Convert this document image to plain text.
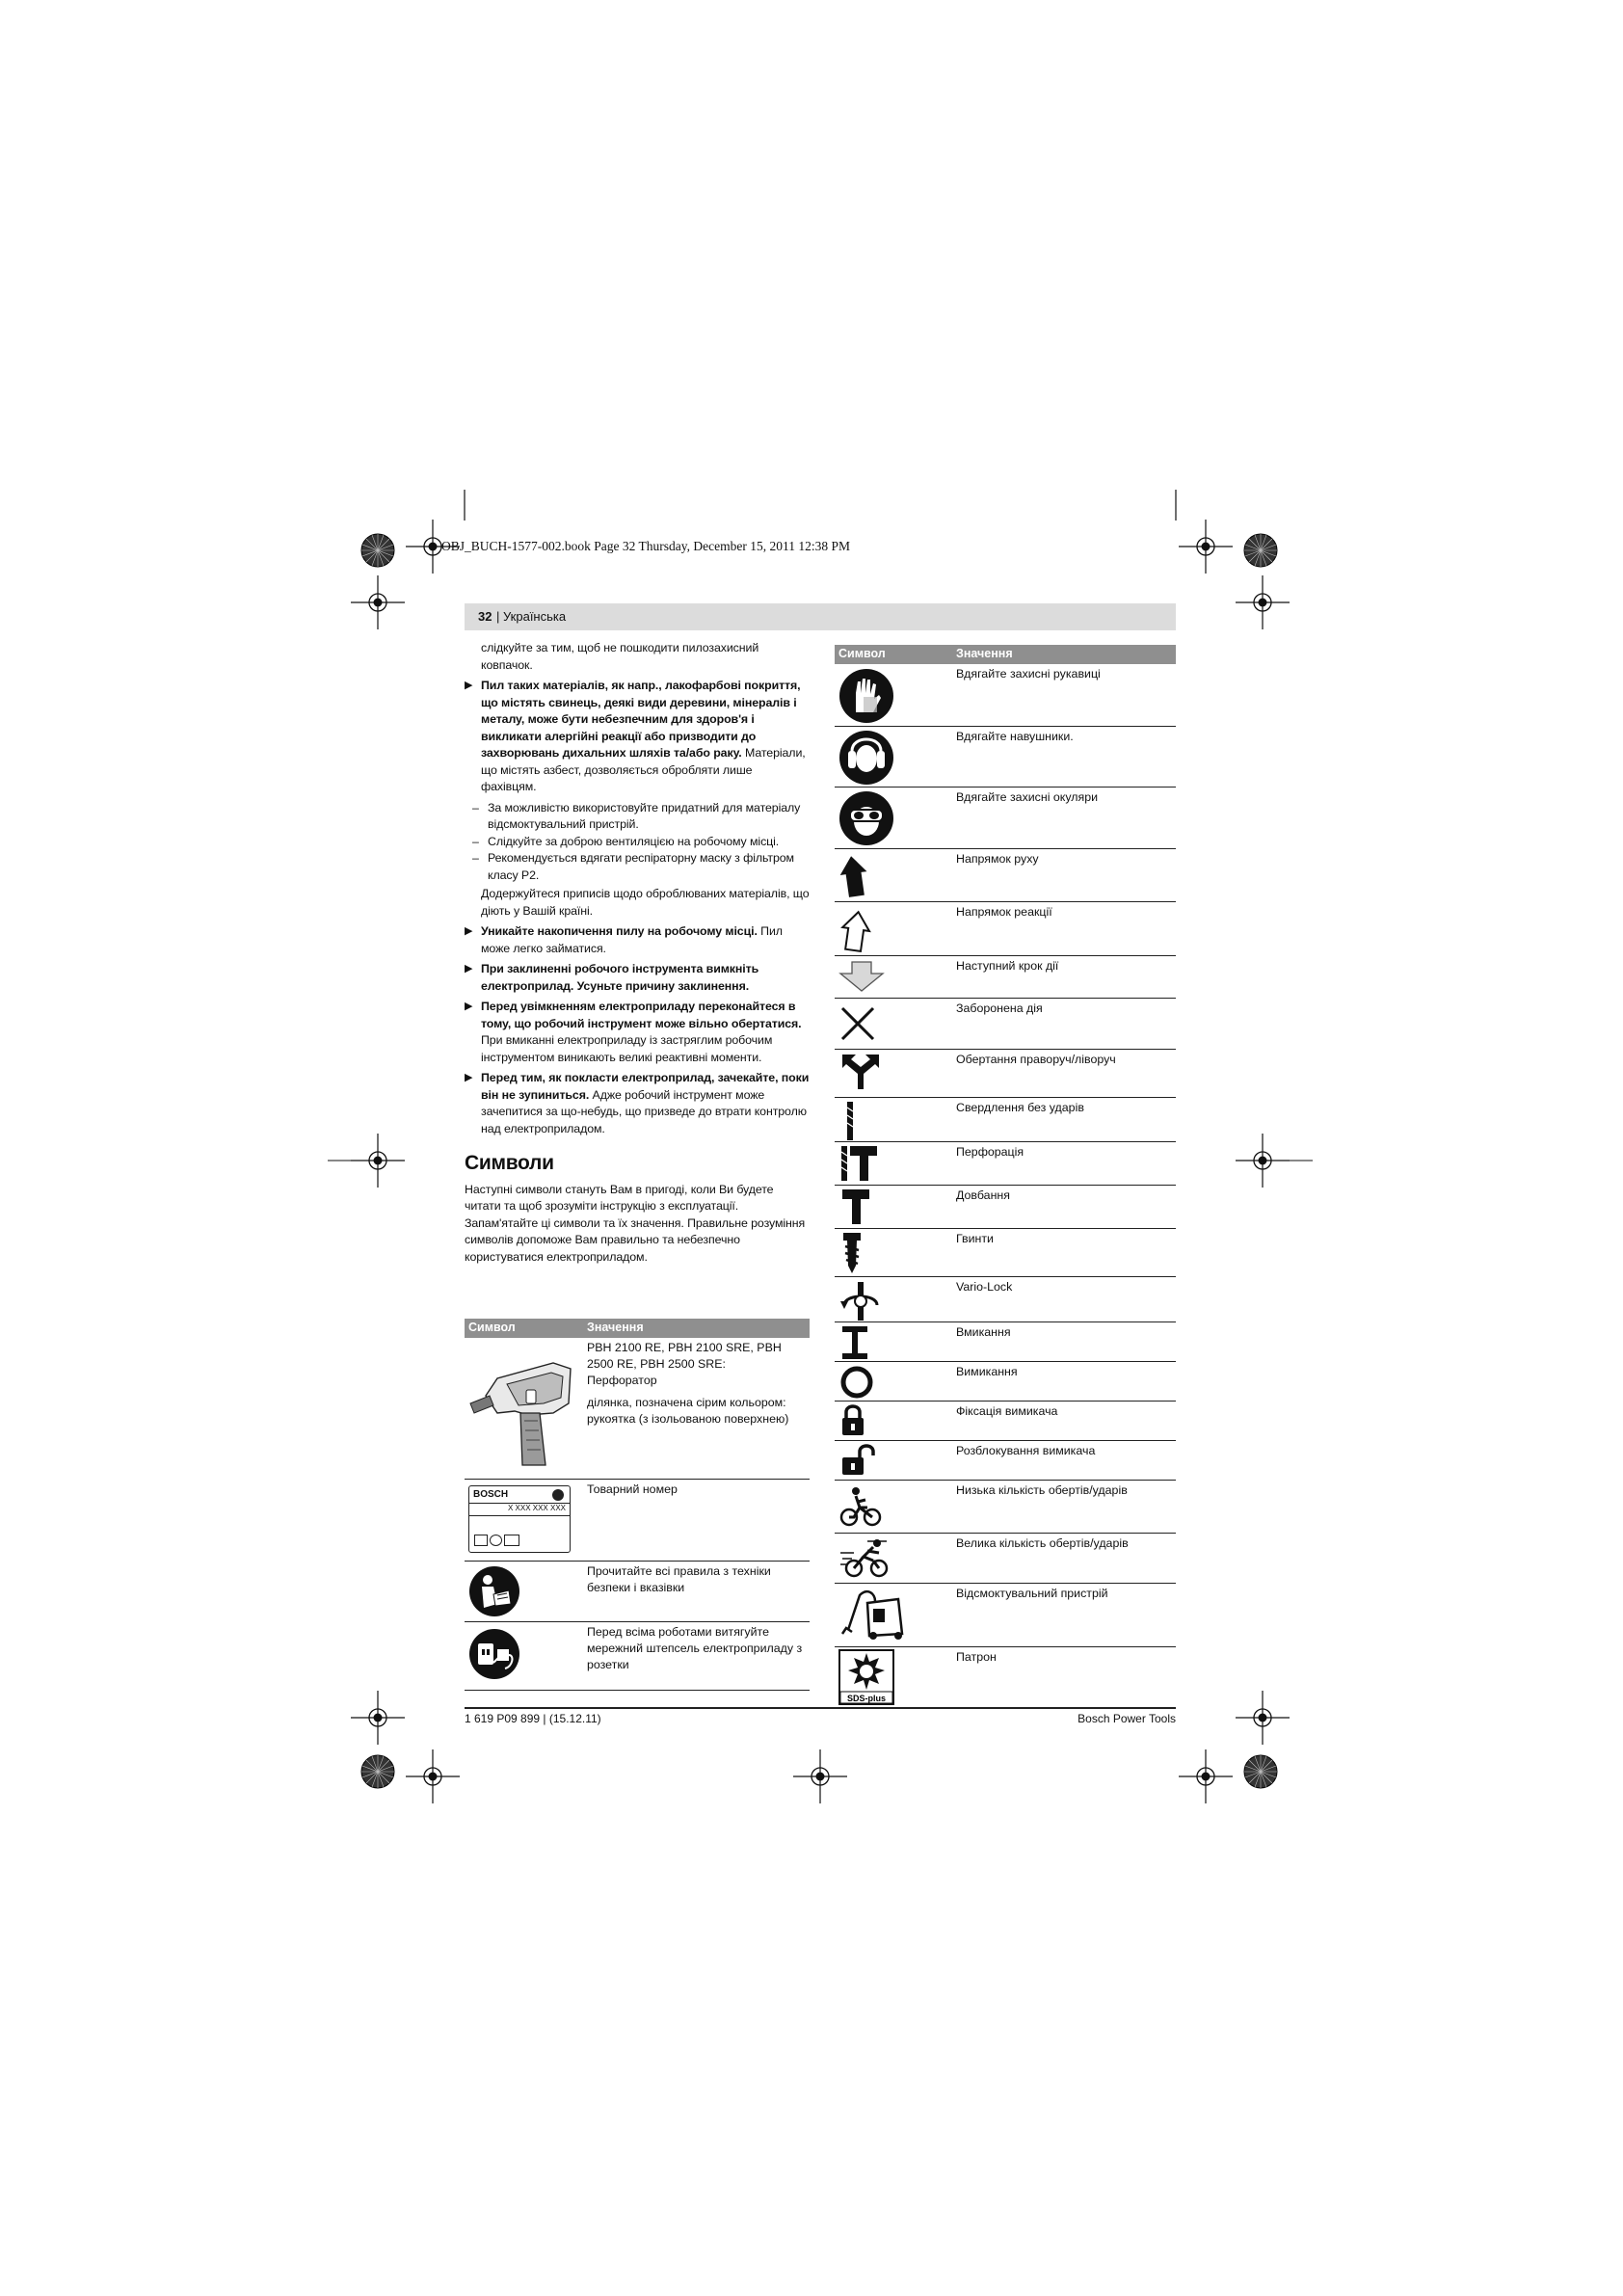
OBJ_BUCH-1577-002.book Page 32 Thursday, December 15, 2011 12:38 PM
32 | Українська

слідкуйте за тим, щоб не пошкодити пилозахисний ковпачок.

▶ Пил таких матеріалів, як напр., лакофарбові покриття, що містять свинець, деякі види деревини, мінералів і металу, може бути небезпечним для здоров'я і викликати алергійні реакції або призводити до захворювань дихальних шляхів та/або раку. Матеріали, що містять азбест, дозволяється обробляти лише фахівцям.
– За можливістю використовуйте придатний для матеріалу відсмоктувальний пристрій.
– Слідкуйте за доброю вентиляцією на робочому місці.
– Рекомендується вдягати респіраторну маску з фільтром класу P2.

Додержуйтеся приписів щодо оброблюваних матеріалів, що діють у Вашій країні.

▶ Уникайте накопичення пилу на робочому місці. Пил може легко займатися.
▶ При заклиненні робочого інструмента вимкніть електроприлад. Усуньте причину заклинення.
▶ Перед увімкненням електроприладу переконайтеся в тому, що робочий інструмент може вільно обертатися. При вмиканні електроприладу із застряглим робочим інструментом виникають великі реактивні моменти.
▶ Перед тим, як покласти електроприлад, зачекайте, поки він не зупиниться. Адже робочий інструмент може зачепитися за що-небудь, що призведе до втрати контролю над електроприладом.
Символи

Наступні символи стануть Вам в пригоді, коли Ви будете читати та щоб зрозуміти інструкцію з експлуатації. Запам'ятайте ці символи та їх значення. Правильне розуміння символів допоможе Вам правильно та небезпечно користуватися електроприладом.

Символ	Значення
PBH 2100 RE, PBH 2100 SRE, PBH 2500 RE, PBH 2500 SRE:
Перфоратор
ділянка, позначена сірим кольором: рукоятка (з ізольованою поверхнею)
BOSCH
X XXX XXX XXX
Товарний номер
Прочитайте всі правила з техніки безпеки і вказівки
Перед всіма роботами витягуйте мережний штепсель електроприладу з розетки
Символ	Значення
Вдягайте захисні рукавиці
Вдягайте навушники.
Вдягайте захисні окуляри
Напрямок руху
Напрямок реакції
Наступний крок дії
Заборонена дія
Обертання праворуч/ліворуч
Свердлення без ударів
Перфорація
Довбання
Гвинти
Vario-Lock
Вмикання
Вимикання
Фіксація вимикача
Розблокування вимикача
Низька кількість обертів/ударів
Велика кількість обертів/ударів
Відсмоктувальний пристрій
SDS-plus
Патрон
1 619 P09 899 | (15.12.11)	Bosch Power Tools
